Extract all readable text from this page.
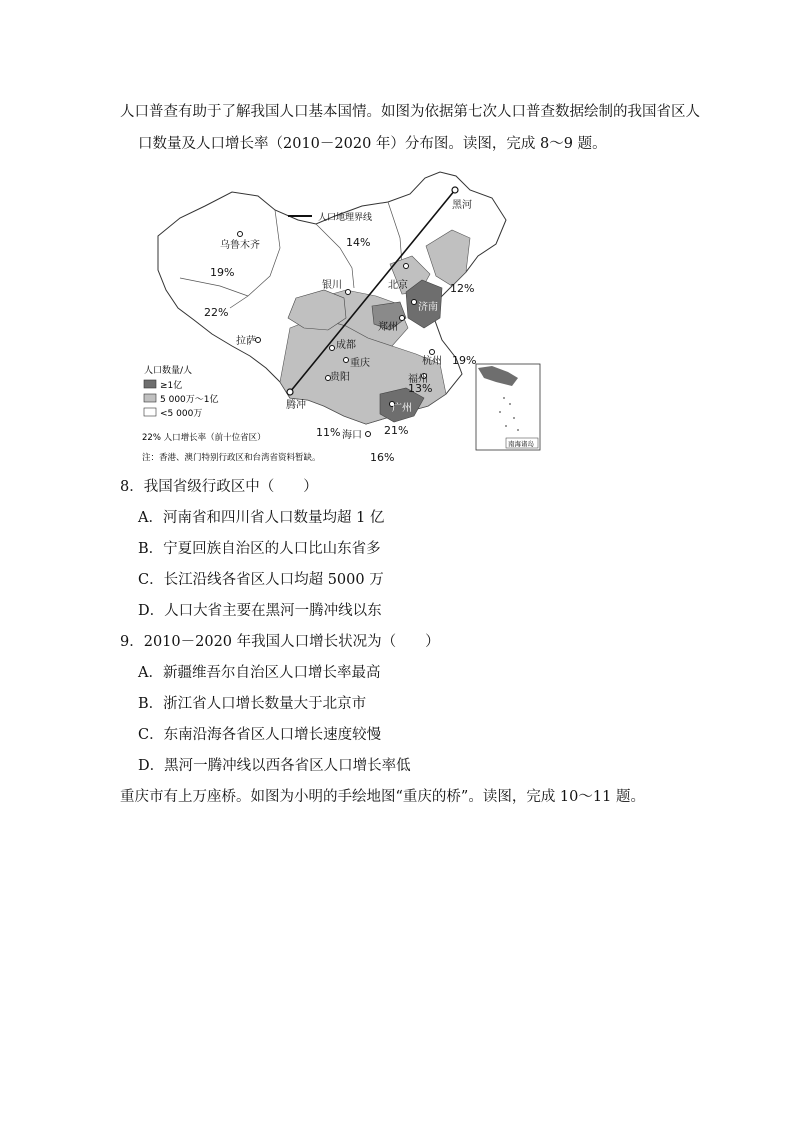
人口普查有助于了解我国人口基本国情。如图为依据第七次人口普查数据绘制的我国省区人
口数量及人口增长率（2010－2020 年）分布图。读图，完成 8～9 题。
人口地理界线
黑河
乌鲁木齐
银川	北京
济南
郑州
拉萨	成都
重庆
贵阳
杭州
福州
腾冲	广州
海口
14%
19%
22%
12%
19%
13%
11%	21%
16%
人口数量/人
≥1亿
5 000万～1亿
<5 000万
22% 人口增长率（前十位省区）
注：香港、澳门特别行政区和台湾省资料暂缺。
南海诸岛
8．我国省级行政区中（　　）
A．河南省和四川省人口数量均超 1 亿
B．宁夏回族自治区的人口比山东省多
C．长江沿线各省区人口均超 5000 万
D．人口大省主要在黑河一腾冲线以东
9．2010－2020 年我国人口增长状况为（　　）
A．新疆维吾尔自治区人口增长率最高
B．浙江省人口增长数量大于北京市
C．东南沿海各省区人口增长速度较慢
D．黑河一腾冲线以西各省区人口增长率低
重庆市有上万座桥。如图为小明的手绘地图“重庆的桥”。读图，完成 10～11 题。
